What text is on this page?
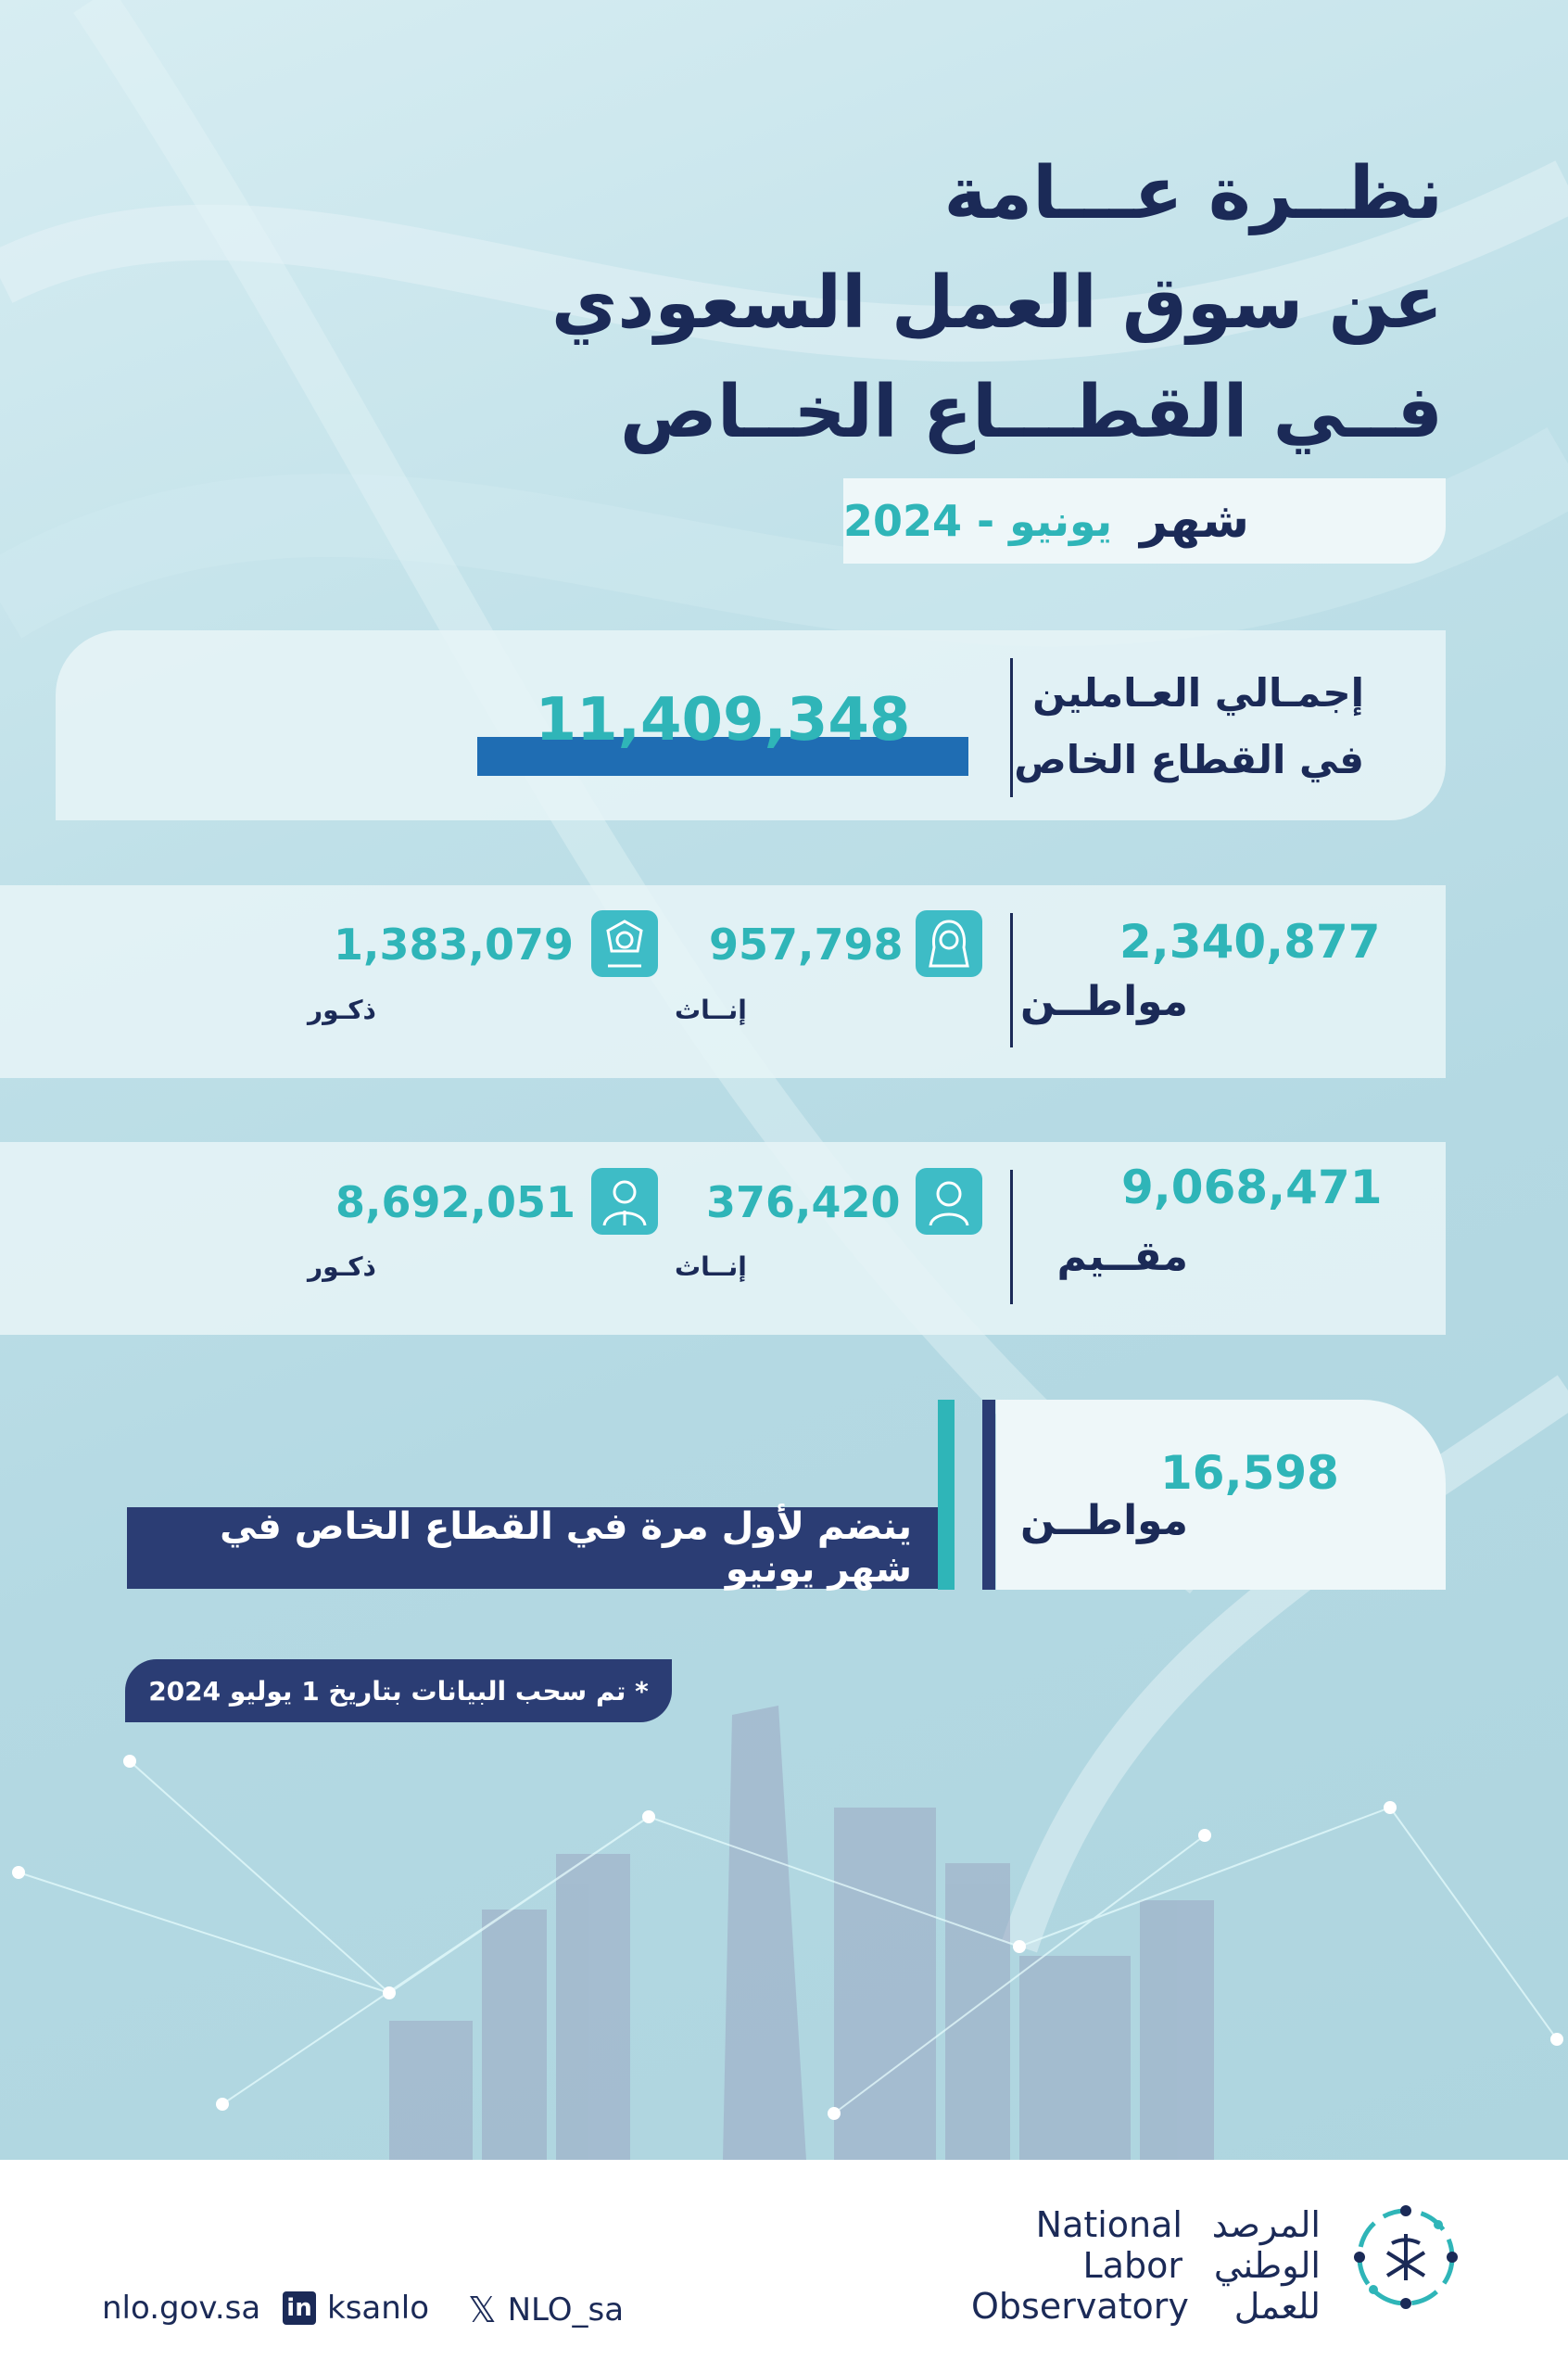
نظــرة عـــامة
عن سوق العمل السعودي
فــي القطـــاع الخــاص
شهر
يونيو - 2024
إجمـالي العـاملين
في القطاع الخاص
11,409,348
2,340,877
مواطــن
957,798
إنــاث
1,383,079
ذكـور
9,068,471
مقــيم
376,420
إنــاث
8,692,051
ذكـور
16,598
مواطــن
ينضم لأول مرة في القطاع الخاص في شهر يونيو
* تم سحب البيانات بتاريخ 1 يوليو 2024
nlo.gov.sa in ksanlo 𝕏 NLO_sa
National
Labor
Observatory
المرصد
الوطني
للعمل
